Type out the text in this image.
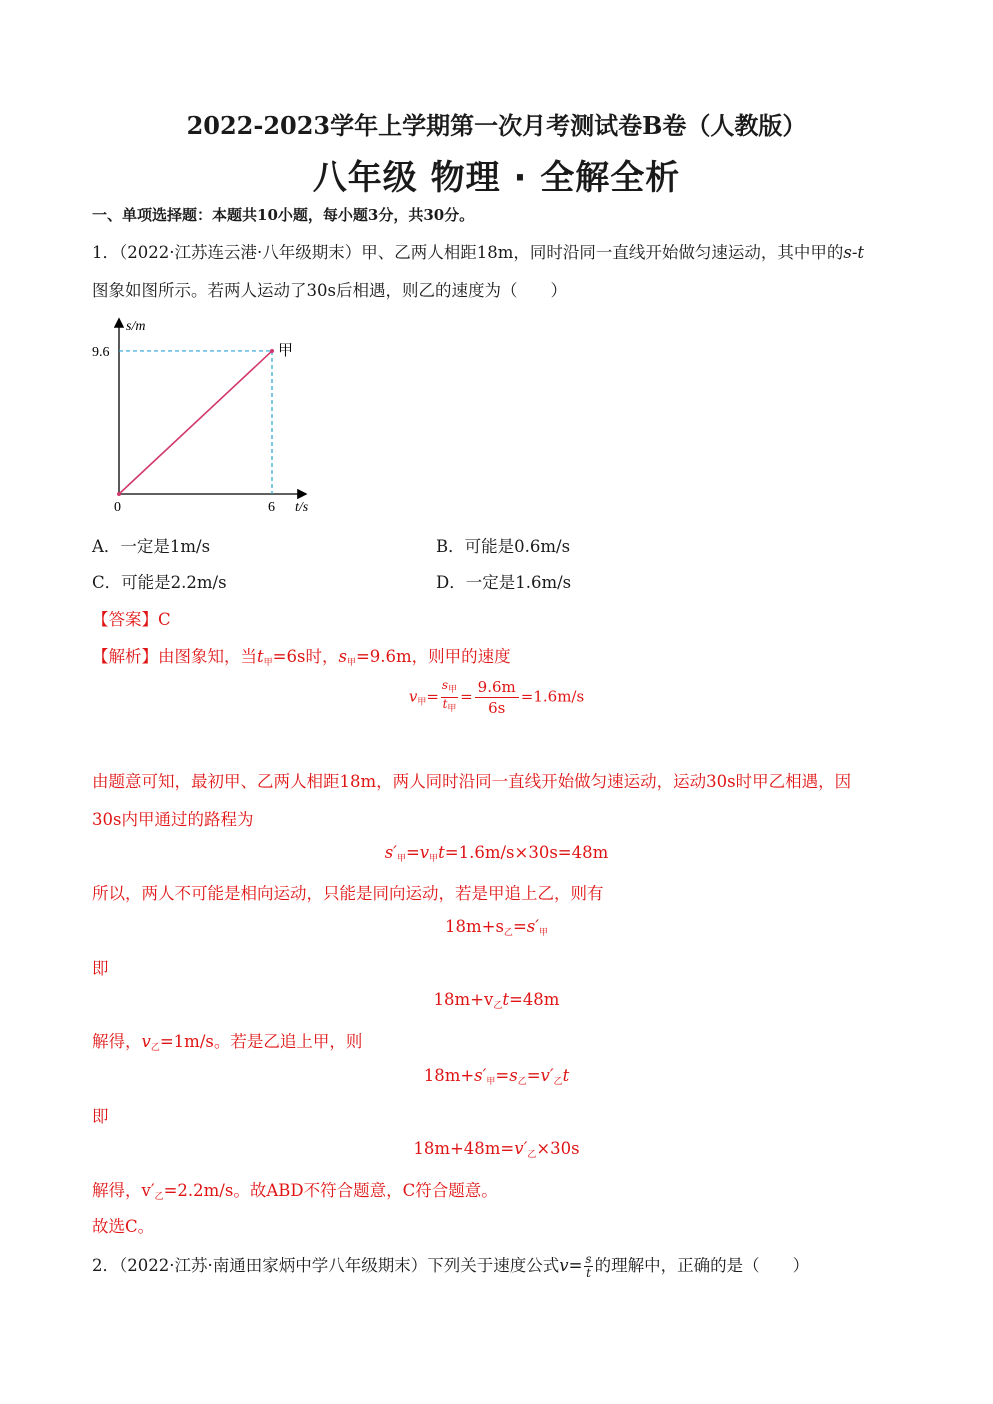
2022-2023学年上学期第一次月考测试卷B卷（人教版）
八年级 物理 · 全解全析
一、单项选择题：本题共10小题，每小题3分，共30分。
1．（2022·江苏连云港·八年级期末）甲、乙两人相距18m，同时沿同一直线开始做匀速运动，其中甲的s-t
图象如图所示。若两人运动了30s后相遇，则乙的速度为（　　）
s/m
t/s
9.6
0	6
甲
A．一定是1m/s	B．可能是0.6m/s
C．可能是2.2m/s	D．一定是1.6m/s
【答案】C
【解析】由图象知，当$t_甲=6s$时，$s_甲=9.6m$，则甲的速度
$v_甲= \frac{s_甲}{t_甲} = \frac{9.6m}{6s} =1.6m/s$
由题意可知，最初甲、乙两人相距18m，两人同时沿同一直线开始做匀速运动，运动30s时甲乙相遇，因
30s内甲通过的路程为
$s'_甲=v_甲t=1.6m/s\times 30s=48m$
所以，两人不可能是相向运动，只能是同向运动，若是甲追上乙，则有
$18m+s_乙=s'_甲$
即
$18m+v_乙t=48m$
解得，$v_乙=1m/s$。若是乙追上甲，则
$18m+s'_甲=s_乙=v'_乙t$
即
$18m+48m=v'_乙\times 30s$
解得，$v'_乙=2.2m/s$。故ABD不符合题意，C符合题意。
故选C。
2．（2022·江苏·南通田家炳中学八年级期末）下列关于速度公式$v= \frac{s}{t}$ 的理解中，正确的是（　　）
